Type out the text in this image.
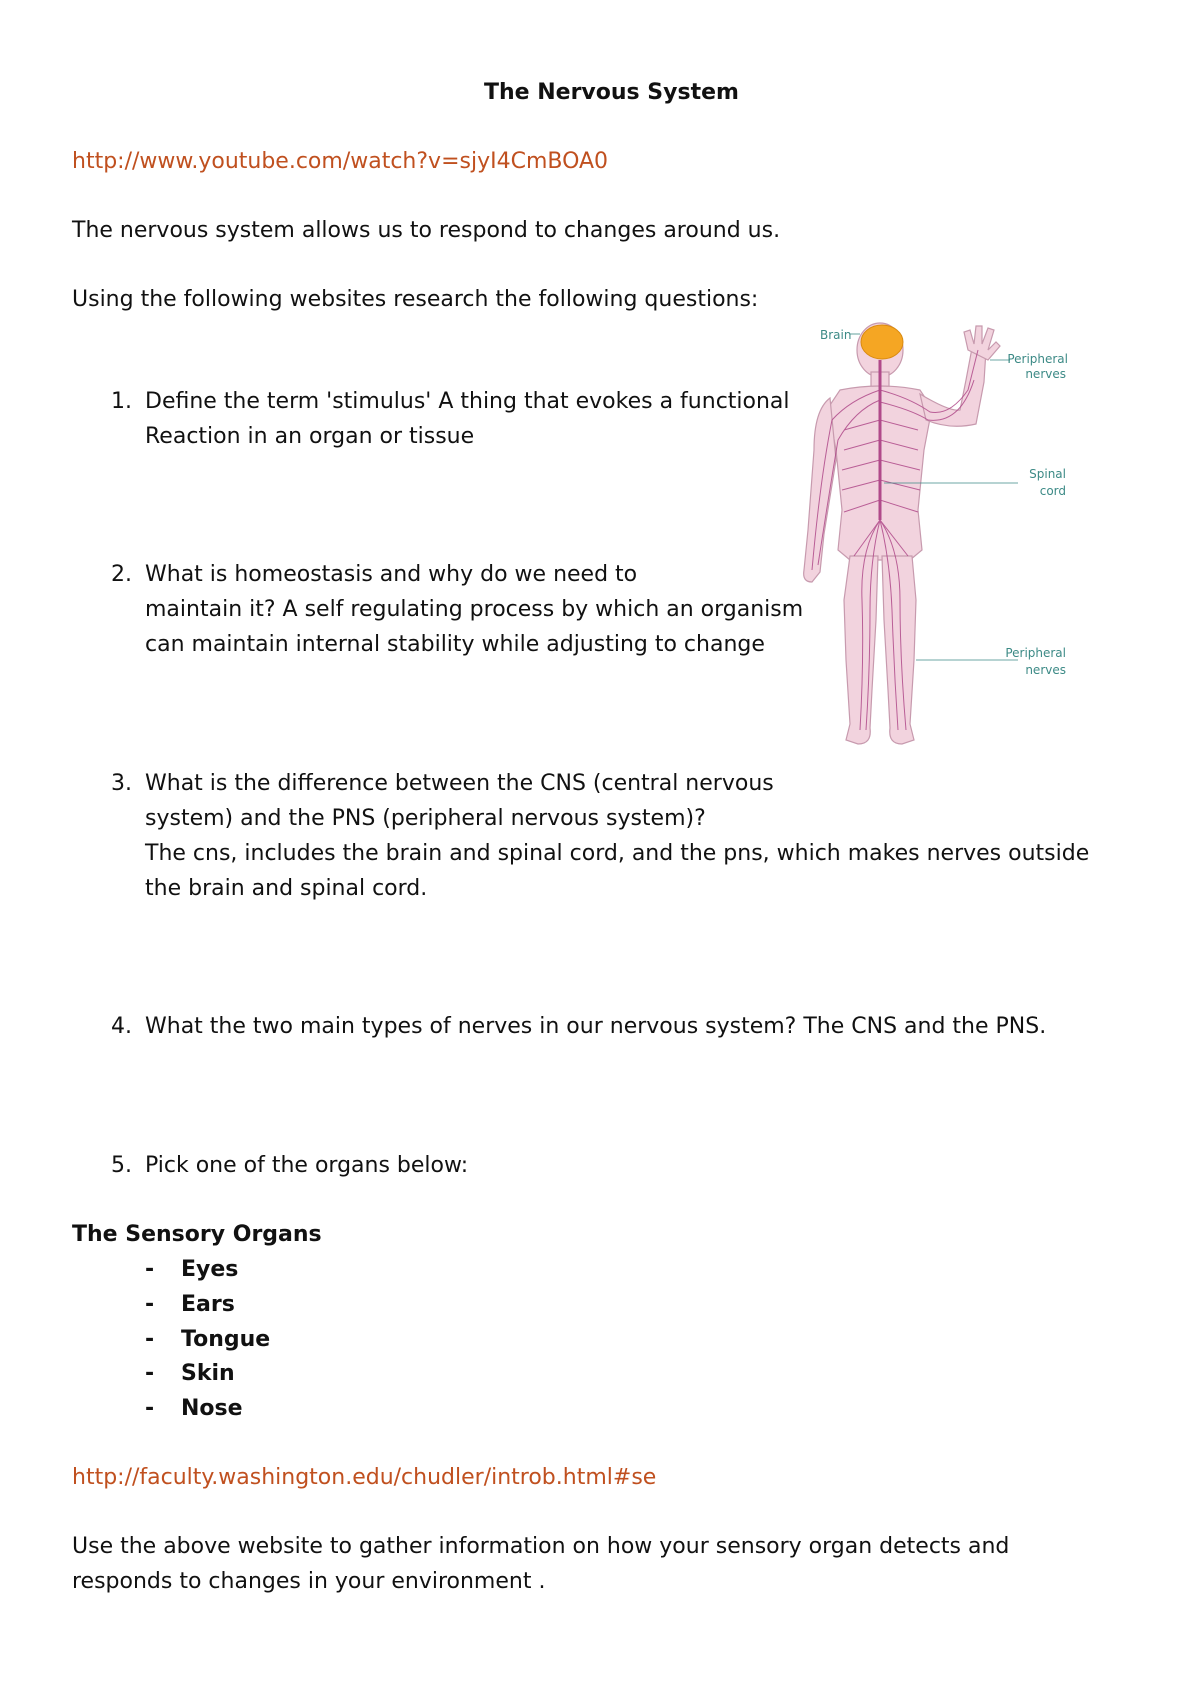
The Nervous System
http://www.youtube.com/watch?v=sjyI4CmBOA0
The nervous system allows us to respond to changes around us.
Using the following websites research the following questions:
1. Define the term 'stimulus' A thing that evokes a functional
Reaction in an organ or tissue
2. What is homeostasis and why do we need to
maintain it? A self regulating process by which an organism
can maintain internal stability while adjusting to change
3. What is the difference between the CNS (central nervous
system) and the PNS (peripheral nervous system)?
The cns, includes the brain and spinal cord, and the pns, which makes nerves outside
the brain and spinal cord.
4. What the two main types of nerves in our nervous system? The CNS and the PNS.
5. Pick one of the organs below:
The Sensory Organs
- Eyes
- Ears
- Tongue
- Skin
- Nose
http://faculty.washington.edu/chudler/introb.html#se
Use the above website to gather information on how your sensory organ detects and
responds to changes in your environment .
Brain
Peripheral
nerves
Spinal
cord
Peripheral
nerves
